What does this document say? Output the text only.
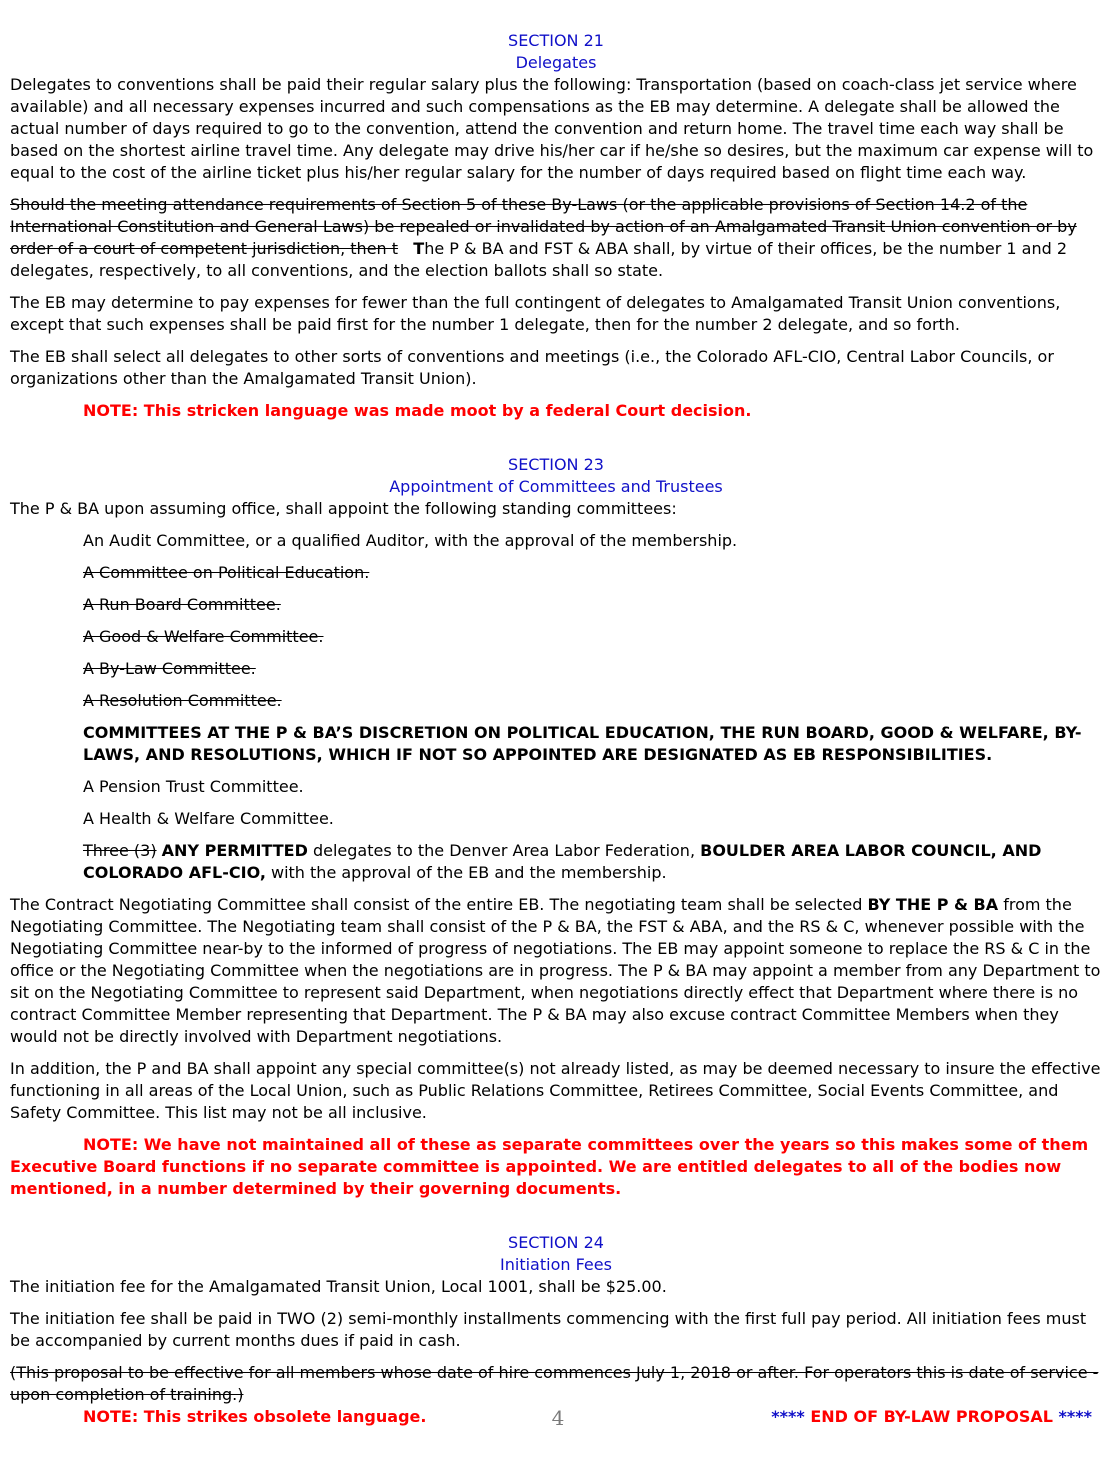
SECTION 21
Delegates

Delegates to conventions shall be paid their regular salary plus the following: Transportation (based on coach-class jet service where available) and all necessary expenses incurred and such compensations as the EB may determine. A delegate shall be allowed the actual number of days required to go to the convention, attend the convention and return home. The travel time each way shall be based on the shortest airline travel time. Any delegate may drive his/her car if he/she so desires, but the maximum car expense will to equal to the cost of the airline ticket plus his/her regular salary for the number of days required based on flight time each way.

Should the meeting attendance requirements of Section 5 of these By-Laws (or the applicable provisions of Section 14.2 of the International Constitution and General Laws) be repealed or invalidated by action of an Amalgamated Transit Union convention or by order of a court of competent jurisdiction, then t The P & BA and FST & ABA shall, by virtue of their offices, be the number 1 and 2 delegates, respectively, to all conventions, and the election ballots shall so state.

The EB may determine to pay expenses for fewer than the full contingent of delegates to Amalgamated Transit Union conventions, except that such expenses shall be paid first for the number 1 delegate, then for the number 2 delegate, and so forth.

The EB shall select all delegates to other sorts of conventions and meetings (i.e., the Colorado AFL-CIO, Central Labor Councils, or organizations other than the Amalgamated Transit Union).

NOTE: This stricken language was made moot by a federal Court decision.

SECTION 23
Appointment of Committees and Trustees

The P & BA upon assuming office, shall appoint the following standing committees:

An Audit Committee, or a qualified Auditor, with the approval of the membership.

A Committee on Political Education.

A Run Board Committee.

A Good & Welfare Committee.

A By-Law Committee.

A Resolution Committee.

COMMITTEES AT THE P & BA’S DISCRETION ON POLITICAL EDUCATION, THE RUN BOARD, GOOD & WELFARE, BY-LAWS, AND RESOLUTIONS, WHICH IF NOT SO APPOINTED ARE DESIGNATED AS EB RESPONSIBILITIES.

A Pension Trust Committee.

A Health & Welfare Committee.

Three (3) ANY PERMITTED delegates to the Denver Area Labor Federation, BOULDER AREA LABOR COUNCIL, AND COLORADO AFL-CIO, with the approval of the EB and the membership.

The Contract Negotiating Committee shall consist of the entire EB. The negotiating team shall be selected BY THE P & BA from the Negotiating Committee. The Negotiating team shall consist of the P & BA, the FST & ABA, and the RS & C, whenever possible with the Negotiating Committee near-by to the informed of progress of negotiations. The EB may appoint someone to replace the RS & C in the office or the Negotiating Committee when the negotiations are in progress. The P & BA may appoint a member from any Department to sit on the Negotiating Committee to represent said Department, when negotiations directly effect that Department where there is no contract Committee Member representing that Department. The P & BA may also excuse contract Committee Members when they would not be directly involved with Department negotiations.

In addition, the P and BA shall appoint any special committee(s) not already listed, as may be deemed necessary to insure the effective functioning in all areas of the Local Union, such as Public Relations Committee, Retirees Committee, Social Events Committee, and Safety Committee. This list may not be all inclusive.

NOTE: We have not maintained all of these as separate committees over the years so this makes some of them Executive Board functions if no separate committee is appointed. We are entitled delegates to all of the bodies now mentioned, in a number determined by their governing documents.

SECTION 24
Initiation Fees

The initiation fee for the Amalgamated Transit Union, Local 1001, shall be $25.00.

The initiation fee shall be paid in TWO (2) semi-monthly installments commencing with the first full pay period. All initiation fees must be accompanied by current months dues if paid in cash.

(This proposal to be effective for all members whose date of hire commences July 1, 2018 or after. For operators this is date of service - upon completion of training.)
NOTE: This strikes obsolete language.	**** END OF BY-LAW PROPOSAL ****
4
